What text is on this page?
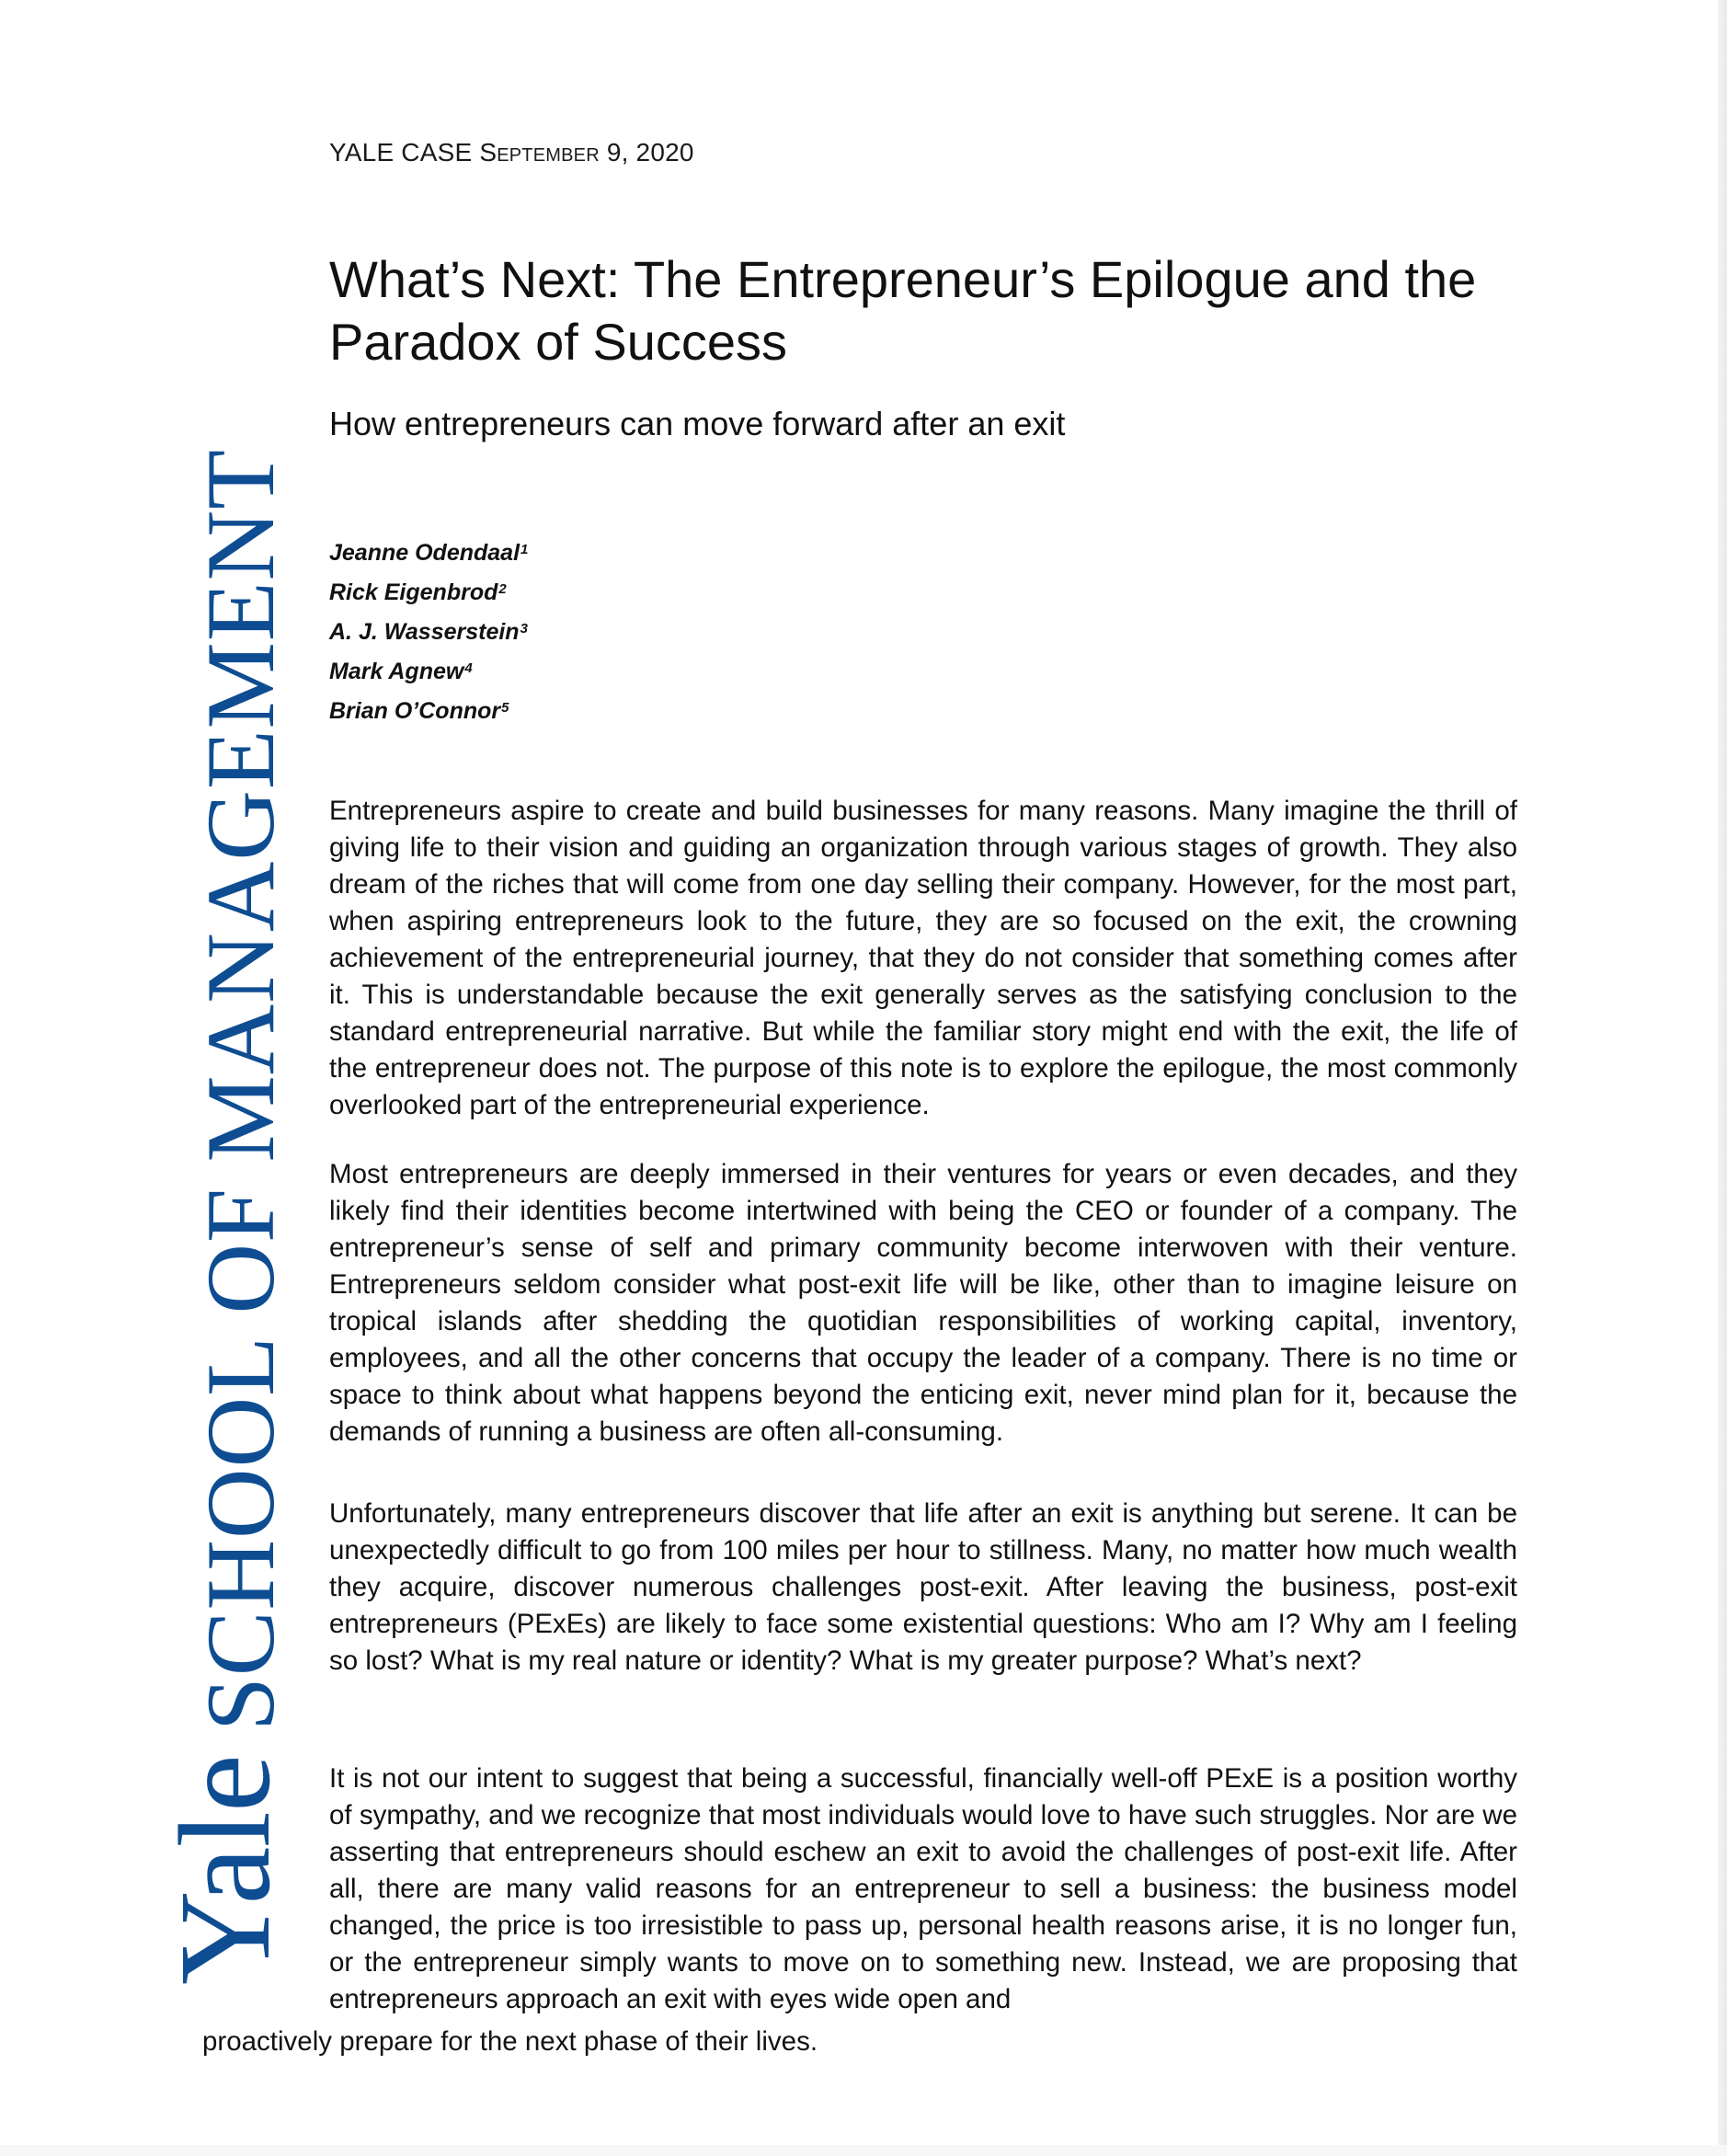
Yale
SCHOOL OF MANAGEMENT
YALE CASE September 9, 2020
What’s Next: The Entrepreneur’s Epilogue and the Paradox of Success
How entrepreneurs can move forward after an exit
Jeanne Odendaal$^1$
Rick Eigenbrod$^2$
A. J. Wasserstein$^3$
Mark Agnew$^4$
Brian O’Connor$^5$

Entrepreneurs aspire to create and build businesses for many reasons. Many imagine the thrill of giving life to their vision and guiding an organization through various stages of growth. They also dream of the riches that will come from one day selling their company. However, for the most part, when aspiring entrepreneurs look to the future, they are so focused on the exit, the crowning achievement of the entrepreneurial journey, that they do not consider that something comes after it. This is understandable because the exit generally serves as the satisfying conclusion to the standard entrepreneurial narrative. But while the familiar story might end with the exit, the life of the entrepreneur does not. The purpose of this note is to explore the epilogue, the most commonly overlooked part of the entrepreneurial experience.

Most entrepreneurs are deeply immersed in their ventures for years or even decades, and they likely find their identities become intertwined with being the CEO or founder of a company. The entrepreneur’s sense of self and primary community become interwoven with their venture. Entrepreneurs seldom consider what post-exit life will be like, other than to imagine leisure on tropical islands after shedding the quotidian responsibilities of working capital, inventory, employees, and all the other concerns that occupy the leader of a company. There is no time or space to think about what happens beyond the enticing exit, never mind plan for it, because the demands of running a business are often all-consuming.

Unfortunately, many entrepreneurs discover that life after an exit is anything but serene. It can be unexpectedly difficult to go from 100 miles per hour to stillness. Many, no matter how much wealth they acquire, discover numerous challenges post-exit. After leaving the business, post-exit entrepreneurs (PExEs) are likely to face some existential questions: Who am I? Why am I feeling so lost? What is my real nature or identity? What is my greater purpose? What’s next?

It is not our intent to suggest that being a successful, financially well-off PExE is a position worthy of sympathy, and we recognize that most individuals would love to have such struggles. Nor are we asserting that entrepreneurs should eschew an exit to avoid the challenges of post-exit life. After all, there are many valid reasons for an entrepreneur to sell a business: the business model changed, the price is too irresistible to pass up, personal health reasons arise, it is no longer fun, or the entrepreneur simply wants to move on to something new. Instead, we are proposing that entrepreneurs approach an exit with eyes wide open and

proactively prepare for the next phase of their lives.
